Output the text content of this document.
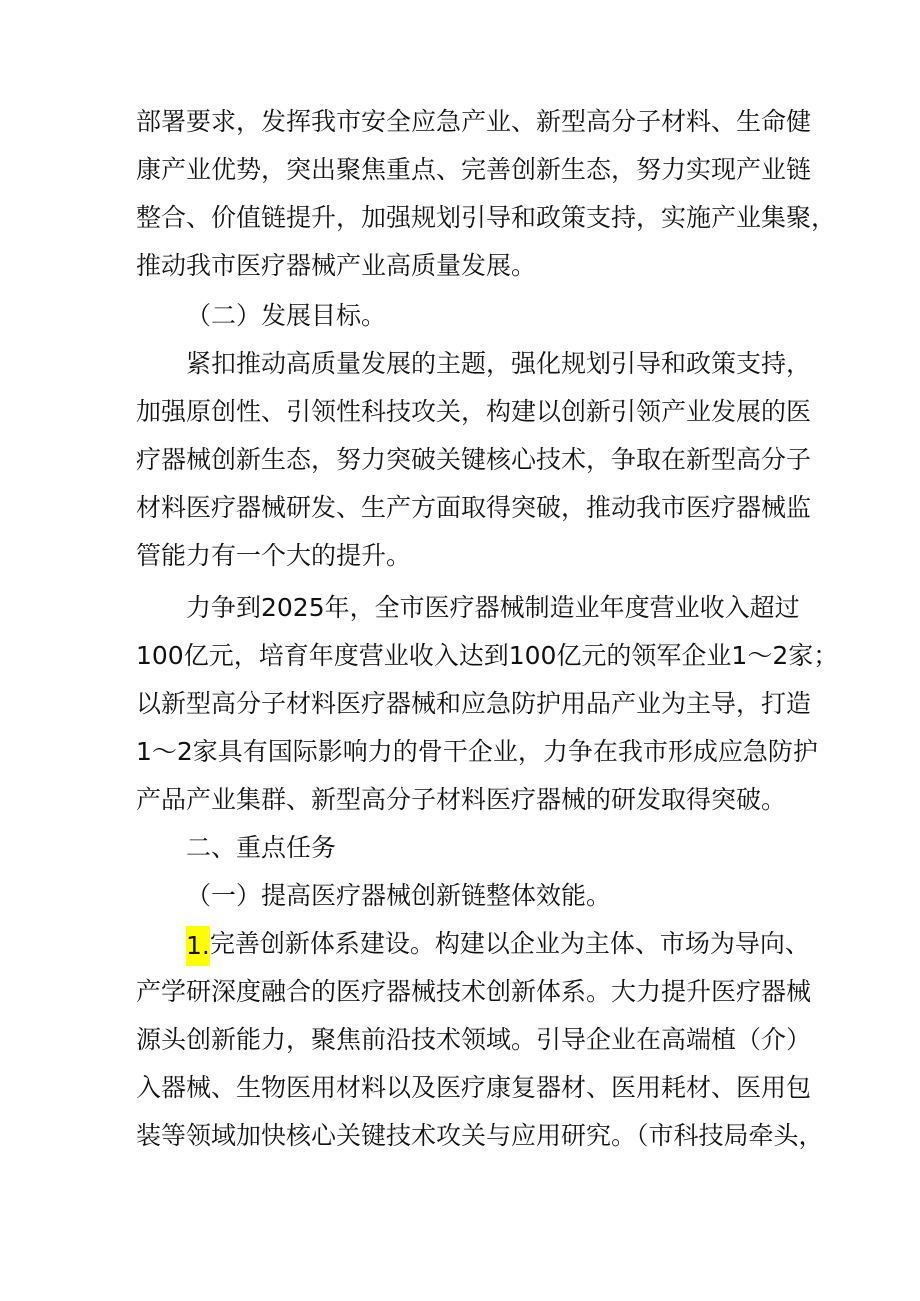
部署要求，发挥我市安全应急产业、新型高分子材料、生命健
康产业优势，突出聚焦重点、完善创新生态，努力实现产业链
整合、价值链提升，加强规划引导和政策支持，实施产业集聚，
推动我市医疗器械产业高质量发展。
（二）发展目标。
紧扣推动高质量发展的主题，强化规划引导和政策支持，
加强原创性、引领性科技攻关，构建以创新引领产业发展的医
疗器械创新生态，努力突破关键核心技术，争取在新型高分子
材料医疗器械研发、生产方面取得突破，推动我市医疗器械监
管能力有一个大的提升。
力争到2025年，全市医疗器械制造业年度营业收入超过
100亿元，培育年度营业收入达到100亿元的领军企业1～2家；
以新型高分子材料医疗器械和应急防护用品产业为主导，打造
1～2家具有国际影响力的骨干企业，力争在我市形成应急防护
产品产业集群、新型高分子材料医疗器械的研发取得突破。
二、重点任务
（一）提高医疗器械创新链整体效能。
1.完善创新体系建设。构建以企业为主体、市场为导向、
产学研深度融合的医疗器械技术创新体系。大力提升医疗器械
源头创新能力，聚焦前沿技术领域。引导企业在高端植（介）
入器械、生物医用材料以及医疗康复器材、医用耗材、医用包
装等领域加快核心关键技术攻关与应用研究。（市科技局牵头，
